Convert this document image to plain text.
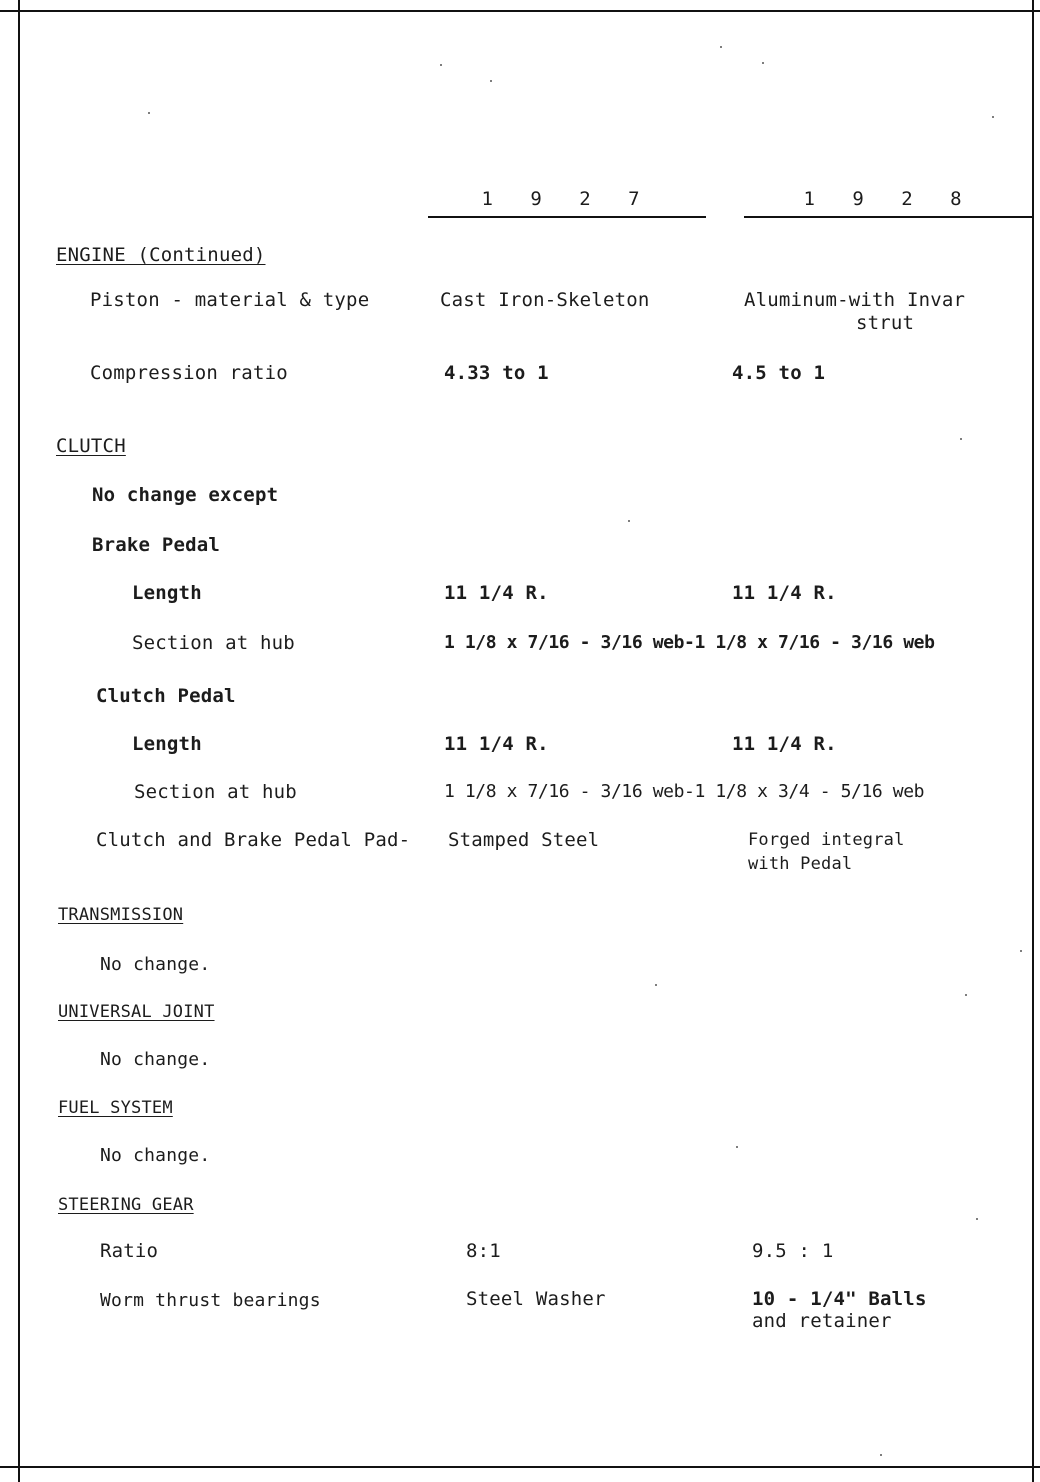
1 9 2 7	1 9 2 8
ENGINE (Continued)
Piston - material & type	Cast Iron-Skeleton	Aluminum-with Invar
strut
Compression ratio	4.33 to 1	4.5 to 1
CLUTCH
No change except
Brake Pedal
Length	11 1/4 R.	11 1/4 R.
Section at hub	1 1/8 x 7/16 - 3/16 web-1 1/8 x 7/16 - 3/16 web
Clutch Pedal
Length	11 1/4 R.	11 1/4 R.
Section at hub	1 1/8 x 7/16 - 3/16 web-1 1/8 x 3/4 - 5/16 web
Clutch and Brake Pedal Pad- Stamped Steel	Forged integral
with Pedal
TRANSMISSION
No change.
UNIVERSAL JOINT
No change.
FUEL SYSTEM
No change.
STEERING GEAR
Ratio	8:1	9.5 : 1
Worm thrust bearings	Steel Washer	10 - 1/4" Balls
and retainer
